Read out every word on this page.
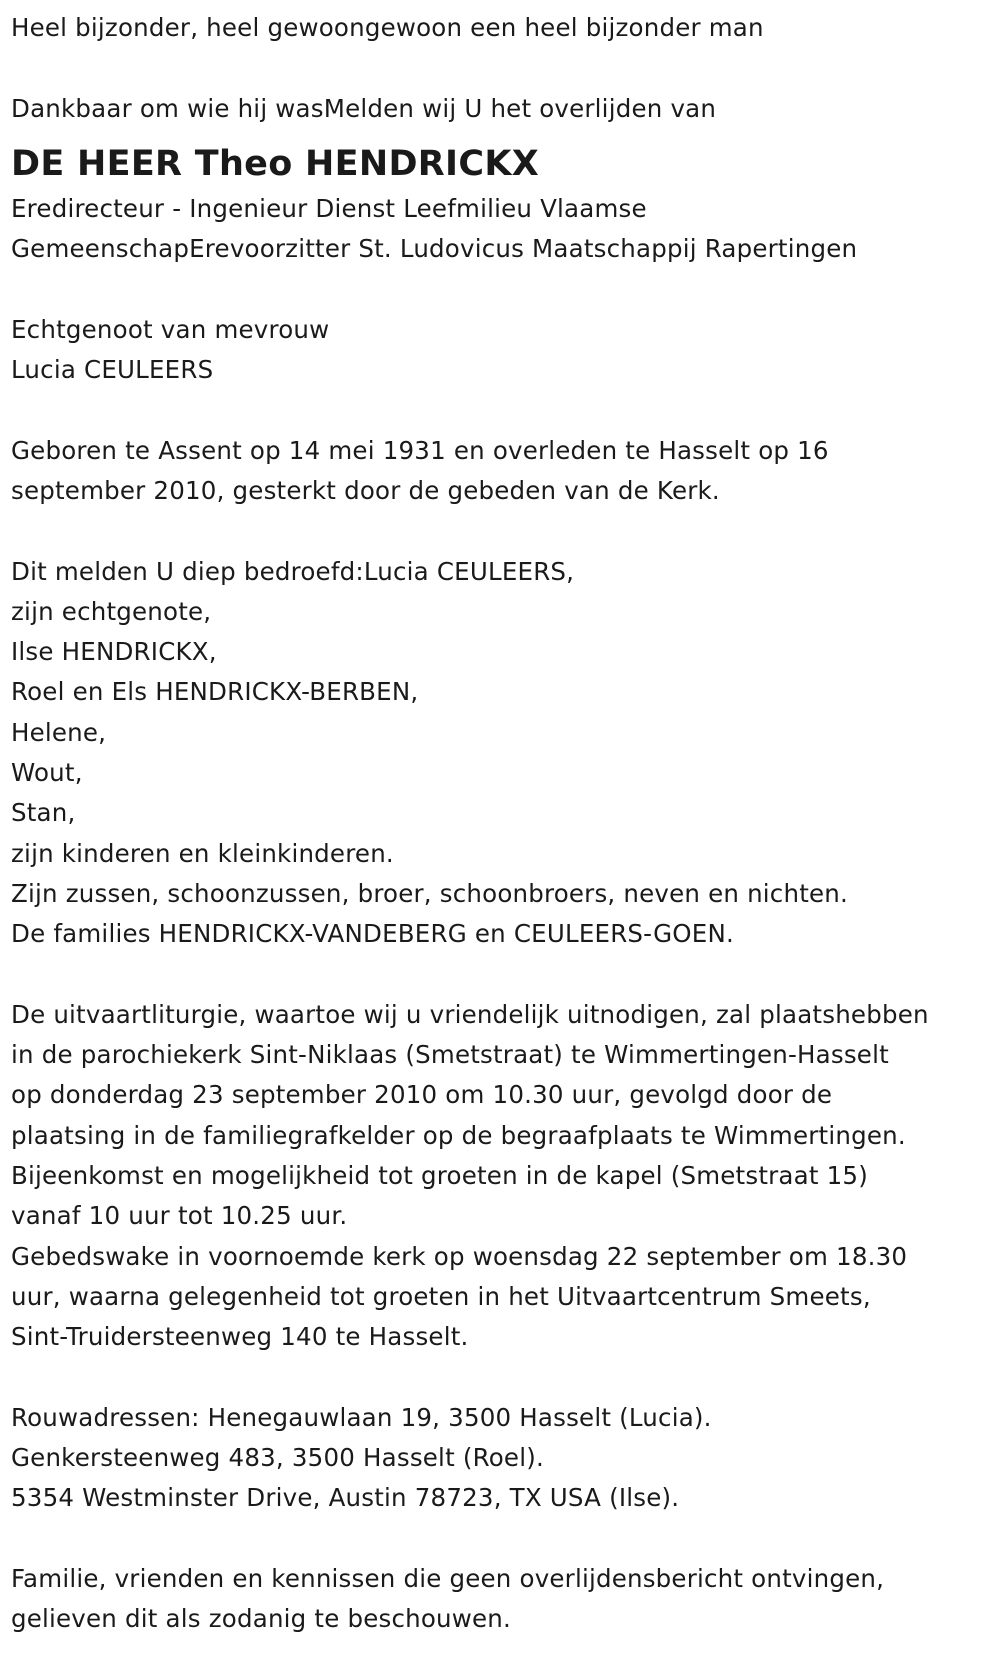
Heel bijzonder, heel gewoongewoon een heel bijzonder man
Dankbaar om wie hij wasMelden wij U het overlijden van
DE HEER Theo HENDRICKX
Eredirecteur - Ingenieur Dienst Leefmilieu Vlaamse
GemeenschapErevoorzitter St. Ludovicus Maatschappij Rapertingen
Echtgenoot van mevrouw
Lucia CEULEERS
Geboren te Assent op 14 mei 1931 en overleden te Hasselt op 16
september 2010, gesterkt door de gebeden van de Kerk.
Dit melden U diep bedroefd:Lucia CEULEERS,
zijn echtgenote,
Ilse HENDRICKX,
Roel en Els HENDRICKX-BERBEN,
Helene,
Wout,
Stan,
zijn kinderen en kleinkinderen.
Zijn zussen, schoonzussen, broer, schoonbroers, neven en nichten.
De families HENDRICKX-VANDEBERG en CEULEERS-GOEN.
De uitvaartliturgie, waartoe wij u vriendelijk uitnodigen, zal plaatshebben
in de parochiekerk Sint-Niklaas (Smetstraat) te Wimmertingen-Hasselt
op donderdag 23 september 2010 om 10.30 uur, gevolgd door de
plaatsing in de familiegrafkelder op de begraafplaats te Wimmertingen.
Bijeenkomst en mogelijkheid tot groeten in de kapel (Smetstraat 15)
vanaf 10 uur tot 10.25 uur.
Gebedswake in voornoemde kerk op woensdag 22 september om 18.30
uur, waarna gelegenheid tot groeten in het Uitvaartcentrum Smeets,
Sint-Truidersteenweg 140 te Hasselt.
Rouwadressen: Henegauwlaan 19, 3500 Hasselt (Lucia).
Genkersteenweg 483, 3500 Hasselt (Roel).
5354 Westminster Drive, Austin 78723, TX USA (Ilse).
Familie, vrienden en kennissen die geen overlijdensbericht ontvingen,
gelieven dit als zodanig te beschouwen.
